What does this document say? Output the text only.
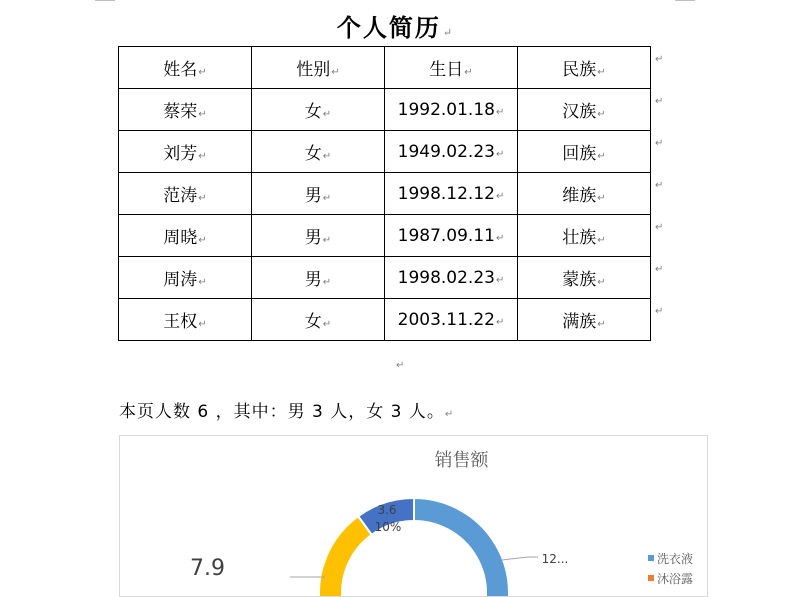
个人简历 ↵
姓名↵	性别↵	生日↵	民族↵
蔡荣↵	女↵	1992.01.18↵	汉族↵
刘芳↵	女↵	1949.02.23↵	回族↵
范涛↵	男↵	1998.12.12↵	维族↵
周晓↵	男↵	1987.09.11↵	壮族↵
周涛↵	男↵	1998.02.23↵	蒙族↵
王权↵	女↵	2003.11.22↵	满族↵
↵
↵
↵
↵
↵
↵
↵
↵
本页人数 6 ，其中：男 3 人，女 3 人。↵
销售额
3.6
10%
12...
7.9	洗衣液
沐浴露
